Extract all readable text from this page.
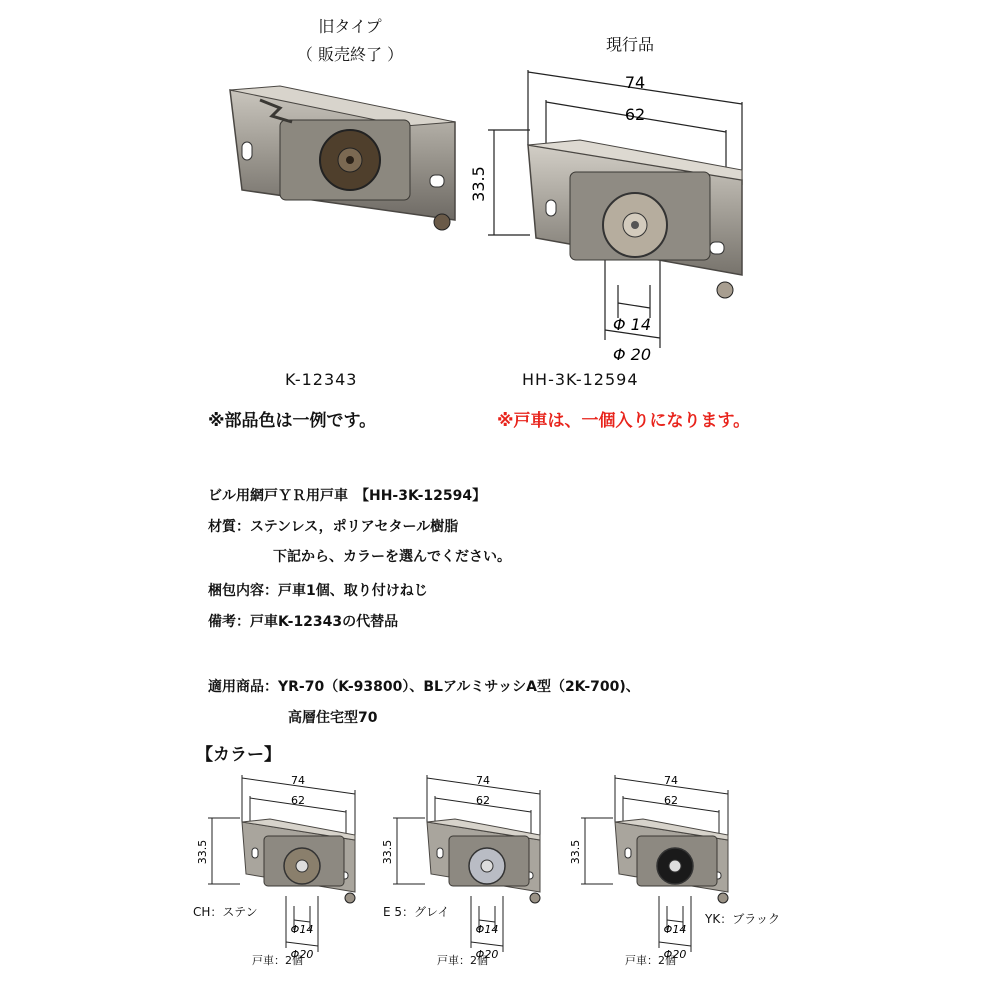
旧タイプ
（ 販売終了 ）
K-12343
現行品
74
62
33.5
Φ 14
Φ 20
HH-3K-12594
※部品色は一例です。	※戸車は、一個入りになります。
ビル用網戸ＹＲ用戸車　【HH-3K-12594】
材質：ステンレス，ポリアセタール樹脂
下記から、カラーを選んでください。
梱包内容：戸車1個、取り付けねじ
備考：戸車K-12343の代替品
適用商品：YR-70（K-93800）、BLアルミサッシA型（2K-700)、
高層住宅型70
【カラー】
74
62
33.5
Φ14
Φ20
CH：ステン
戸車：2個
74
62
33.5
Φ14
Φ20
E 5：グレイ
戸車：2個
74
62
33.5
Φ14
Φ20
YK：ブラック
戸車：2個
